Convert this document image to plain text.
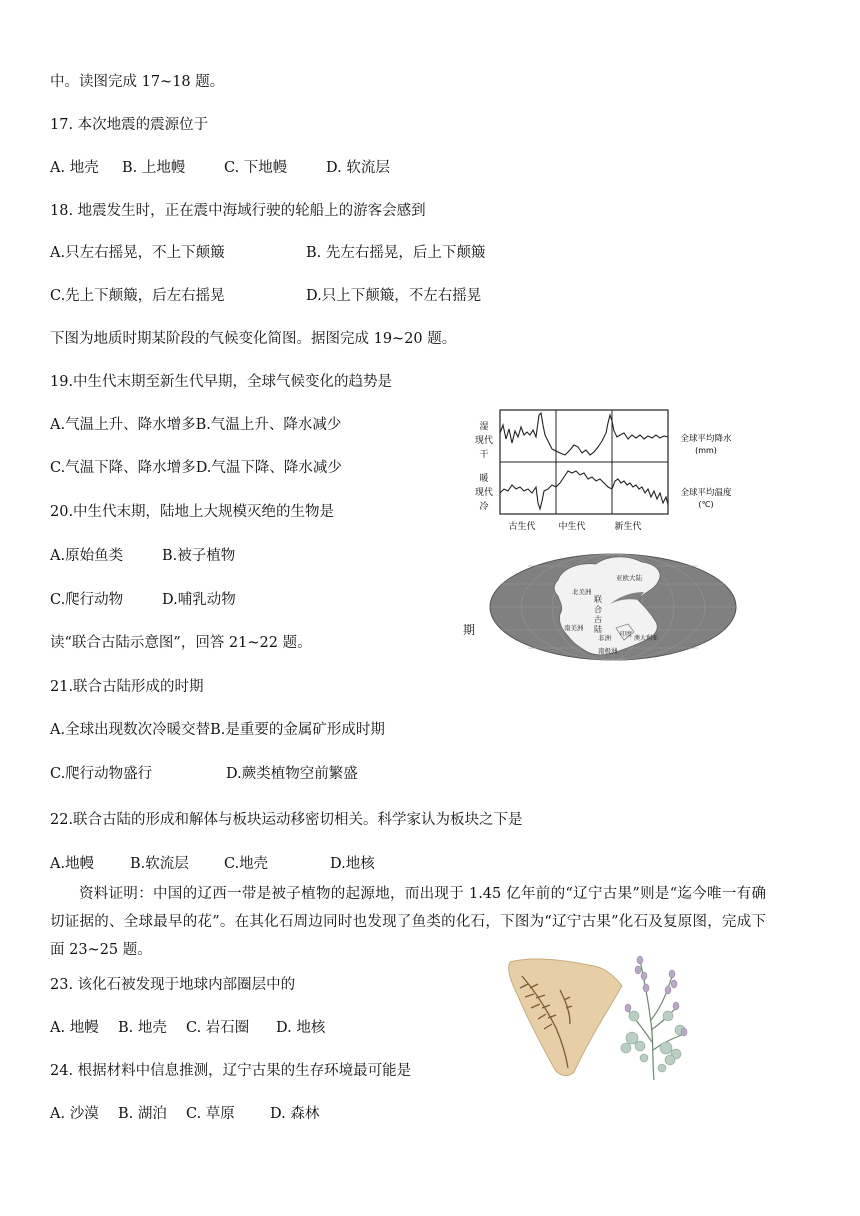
中。读图完成 17~18 题。

17. 本次地震的震源位于

A. 地壳 B. 上地幔	C. 下地幔	D. 软流层

18. 地震发生时，正在震中海域行驶的轮船上的游客会感到

A.只左右摇晃，不上下颠簸	B. 先左右摇晃，后上下颠簸

C.先上下颠簸，后左右摇晃	D.只上下颠簸，不左右摇晃

下图为地质时期某阶段的气候变化简图。据图完成 19~20 题。

19.中生代末期至新生代早期，全球气候变化的趋势是

A.气温上升、降水增多B.气温上升、降水减少

C.气温下降、降水增多D.气温下降、降水减少

20.中生代末期，陆地上大规模灭绝的生物是

A.原始鱼类	B.被子植物

C.爬行动物	D.哺乳动物

读“联合古陆示意图”，回答 21~22 题。

21.联合古陆形成的时期

A.全球出现数次冷暖交替B.是重要的金属矿形成时期

C.爬行动物盛行	D.蕨类植物空前繁盛

22.联合古陆的形成和解体与板块运动移密切相关。科学家认为板块之下是

A.地幔 B.软流层 C.地壳	D.地核

资料证明：中国的辽西一带是被子植物的起源地，而出现于 1.45 亿年前的“辽宁古果”则是“迄今唯一有确切证据的、全球最早的花”。在其化石周边同时也发现了鱼类的化石，下图为“辽宁古果”化石及复原图，完成下面 23~25 题。

23. 该化石被发现于地球内部圈层中的

A. 地幔 B. 地壳 C. 岩石圈 D. 地核

24. 根据材料中信息推测，辽宁古果的生存环境最可能是

A. 沙漠 B. 湖泊 C. 草原 D. 森林

湿
现代
干
暖
现代
冷
全球平均降水
(mm)
全球平均温度
(℃)
古生代	中生代	新生代
期
北美洲
亚欧大陆
联
合
古
陆
南美洲
非洲 印度
澳大利亚
南极洲
